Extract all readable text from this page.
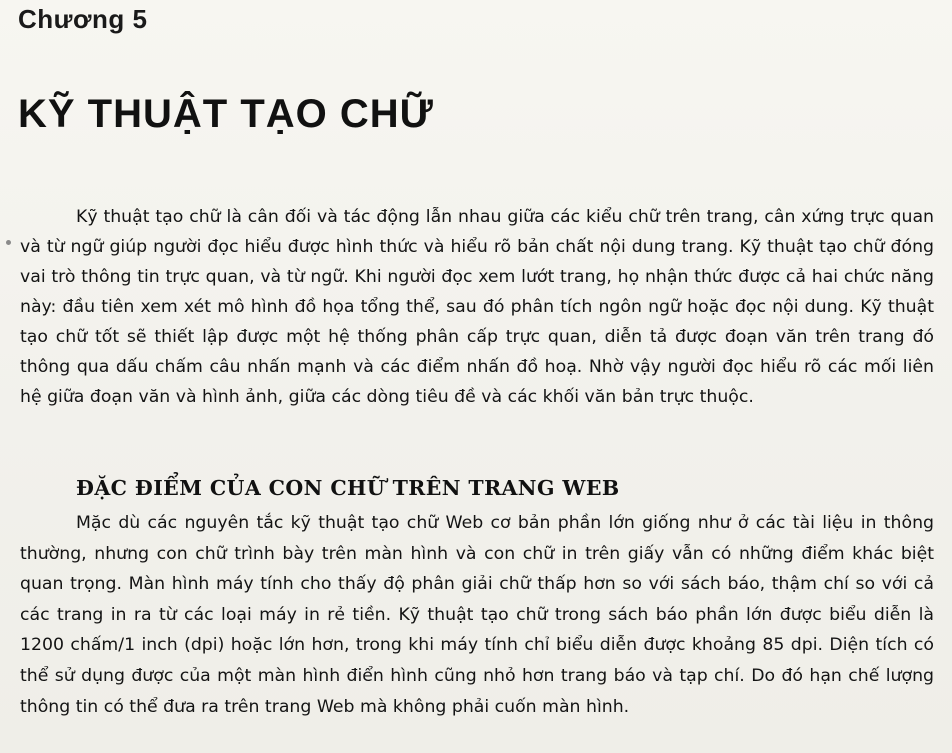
Chương 5
KỸ THUẬT TẠO CHỮ

Kỹ thuật tạo chữ là cân đối và tác động lẫn nhau giữa các kiểu chữ trên trang, cân xứng trực quan và từ ngữ giúp người đọc hiểu được hình thức và hiểu rõ bản chất nội dung trang. Kỹ thuật tạo chữ đóng vai trò thông tin trực quan, và từ ngữ. Khi người đọc xem lướt trang, họ nhận thức được cả hai chức năng này: đầu tiên xem xét mô hình đồ họa tổng thể, sau đó phân tích ngôn ngữ hoặc đọc nội dung. Kỹ thuật tạo chữ tốt sẽ thiết lập được một hệ thống phân cấp trực quan, diễn tả được đoạn văn trên trang đó thông qua dấu chấm câu nhấn mạnh và các điểm nhấn đồ hoạ. Nhờ vậy người đọc hiểu rõ các mối liên hệ giữa đoạn văn và hình ảnh, giữa các dòng tiêu đề và các khối văn bản trực thuộc.

ĐẶC ĐIỂM CỦA CON CHỮ TRÊN TRANG WEB

Mặc dù các nguyên tắc kỹ thuật tạo chữ Web cơ bản phần lớn giống như ở các tài liệu in thông thường, nhưng con chữ trình bày trên màn hình và con chữ in trên giấy vẫn có những điểm khác biệt quan trọng. Màn hình máy tính cho thấy độ phân giải chữ thấp hơn so với sách báo, thậm chí so với cả các trang in ra từ các loại máy in rẻ tiền. Kỹ thuật tạo chữ trong sách báo phần lớn được biểu diễn là 1200 chấm/1 inch (dpi) hoặc lớn hơn, trong khi máy tính chỉ biểu diễn được khoảng 85 dpi. Diện tích có thể sử dụng được của một màn hình điển hình cũng nhỏ hơn trang báo và tạp chí. Do đó hạn chế lượng thông tin có thể đưa ra trên trang Web mà không phải cuốn màn hình.
